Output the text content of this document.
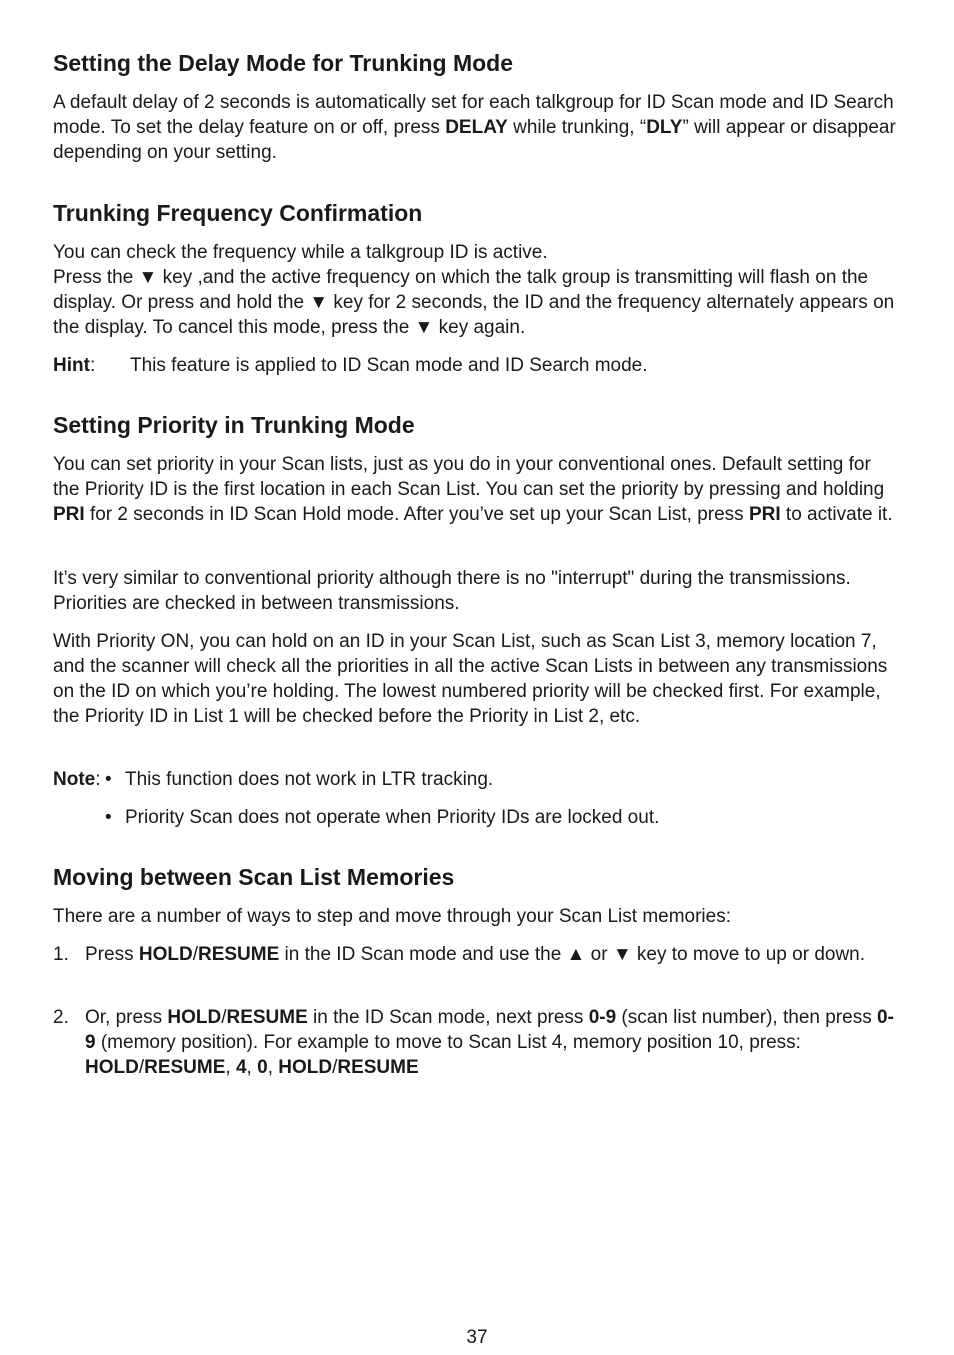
Setting the Delay Mode for Trunking Mode

A default delay of 2 seconds is automatically set for each talkgroup for ID Scan mode and ID Search mode. To set the delay feature on or off, press DELAY while trunking, “DLY” will appear or disappear depending on your setting.

Trunking Frequency Confirmation

You can check the frequency while a talkgroup ID is active.

Press the ▼ key ,and the active frequency on which the talk group is transmitting will flash on the display. Or press and hold the ▼ key for 2 seconds, the ID and the frequency alternately appears on the display. To cancel this mode, press the ▼ key again.

Hint:	This feature is applied to ID Scan mode and ID Search mode.
Setting Priority in Trunking Mode

You can set priority in your Scan lists, just as you do in your conventional ones. Default setting for the Priority ID is the first location in each Scan List. You can set the priority by pressing and holding PRI for 2 seconds in ID Scan Hold mode. After you’ve set up your Scan List, press PRI to activate it.

It’s very similar to conventional priority although there is no "interrupt" during the transmissions. Priorities are checked in between transmissions.

With Priority ON, you can hold on an ID in your Scan List, such as Scan List 3, memory location 7, and the scanner will check all the priorities in all the active Scan Lists in between any transmissions on the ID on which you’re holding. The lowest numbered priority will be checked first. For example, the Priority ID in List 1 will be checked before the Priority in List 2, etc.

Note: • This function does not work in LTR tracking.
• Priority Scan does not operate when Priority IDs are locked out.
Moving between Scan List Memories

There are a number of ways to step and move through your Scan List memories:

1. Press HOLD/RESUME in the ID Scan mode and use the ▲ or ▼ key to move to up or down.
2. Or, press HOLD/RESUME in the ID Scan mode, next press 0-9 (scan list number), then press 0-9 (memory position). For example to move to Scan List 4, memory position 10, press: HOLD/RESUME, 4, 0, HOLD/RESUME
37
